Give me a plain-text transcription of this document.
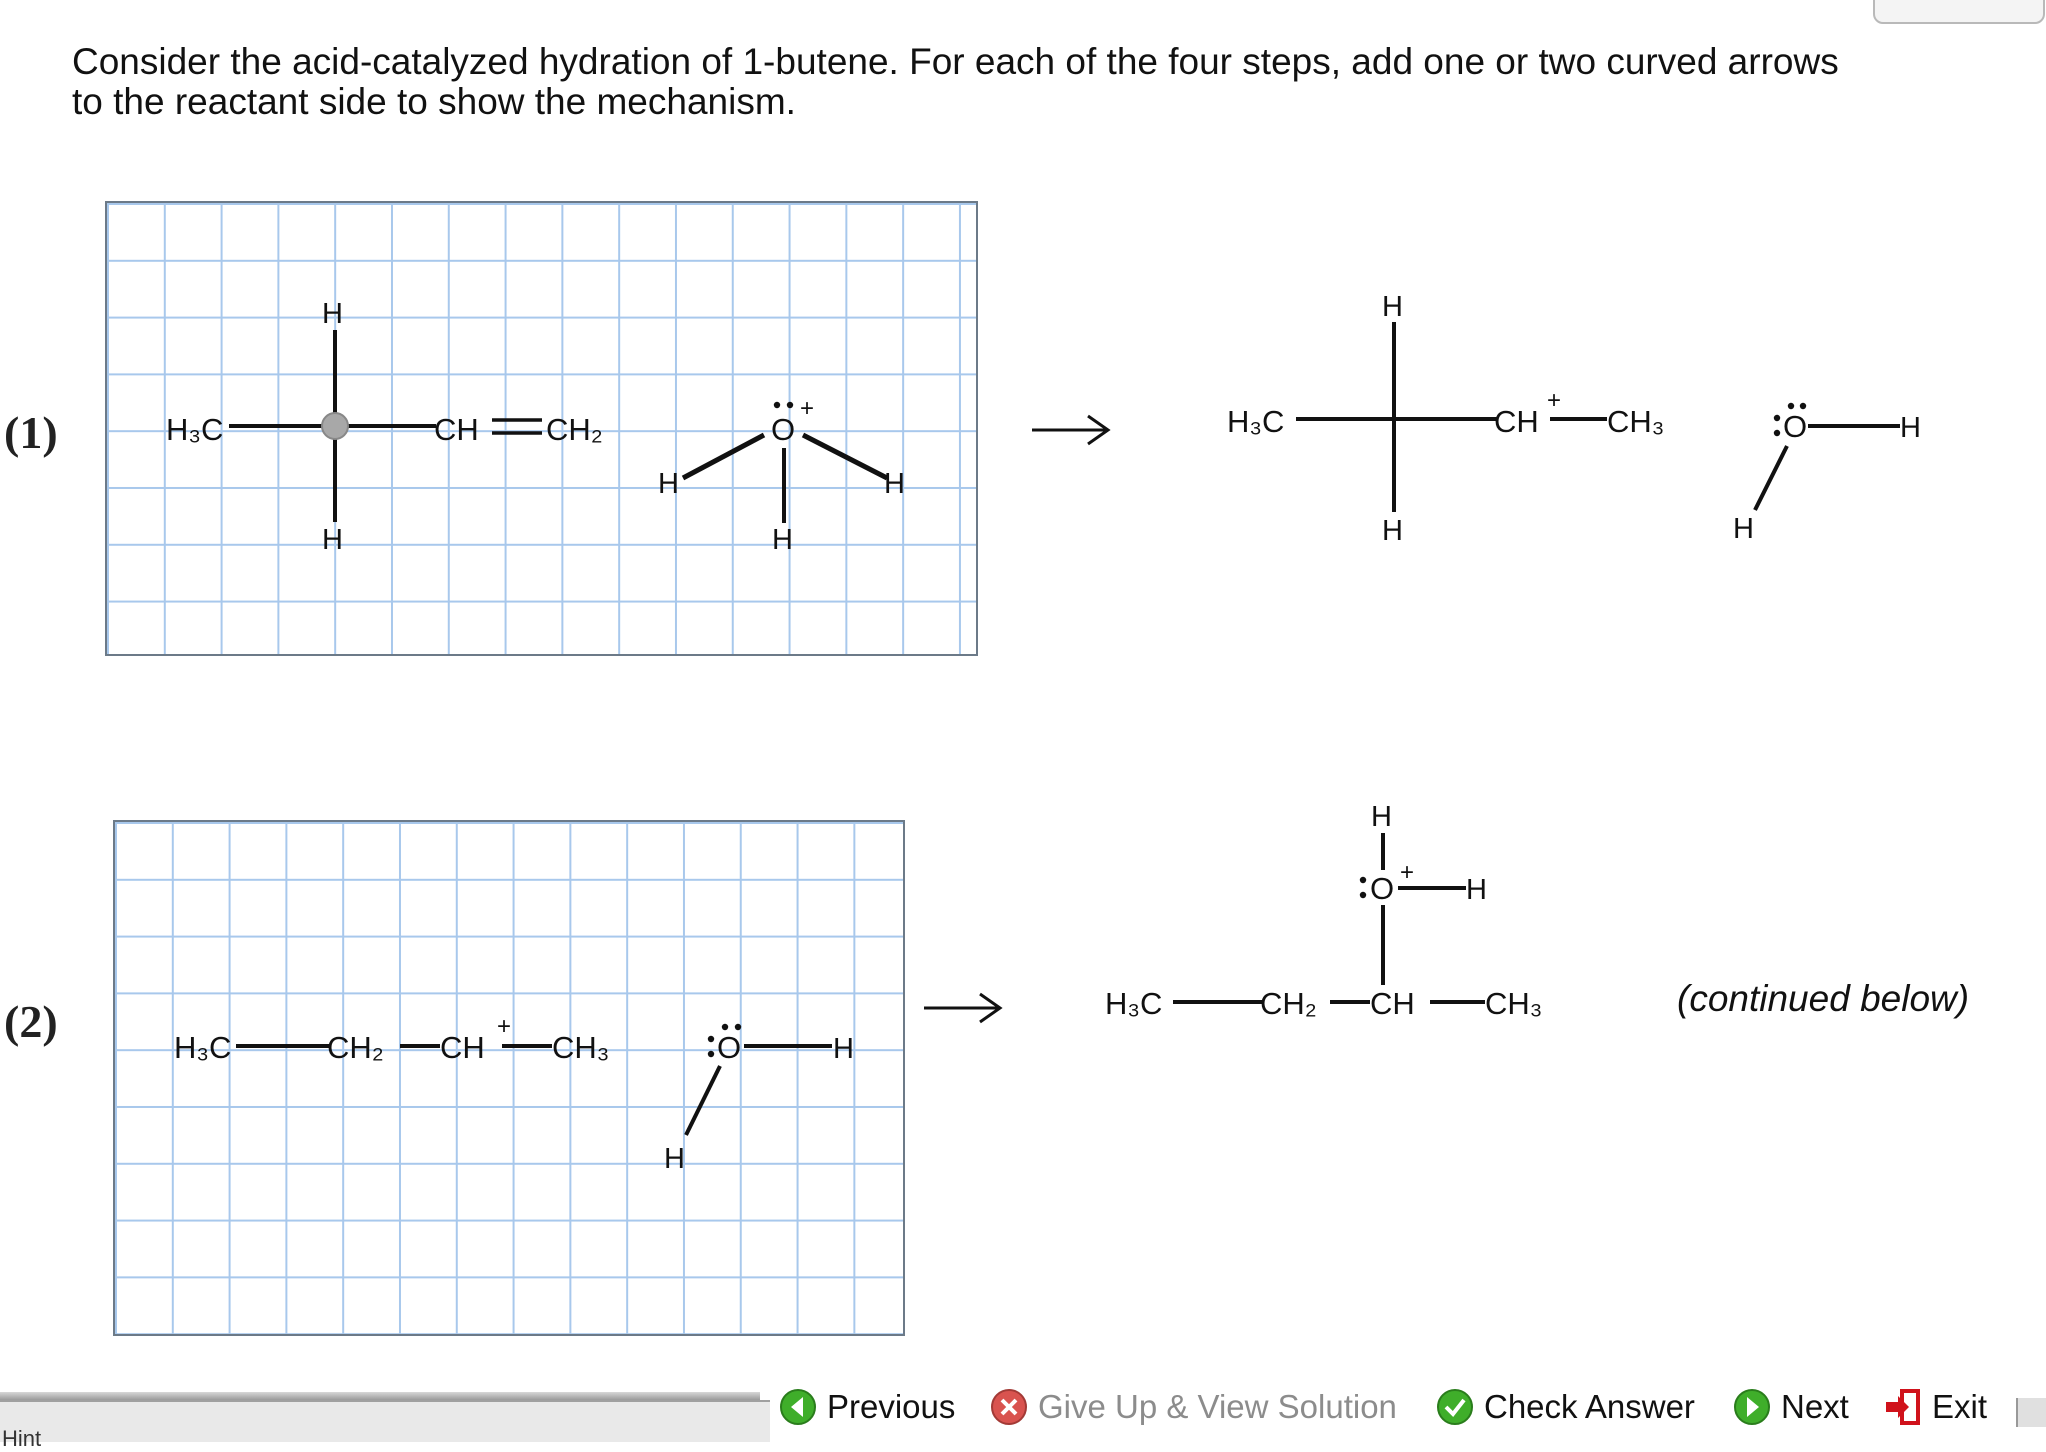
Consider the acid-catalyzed hydration of 1-butene. For each of the four steps, add one or two curved arrows
to the reactant side to show the mechanism.
(1)	H₃C
H
H
CH CH₂	O
+
H	H
H
H₃C
H
H
CH
+
CH₃	O	H
H
(2)
H₃C	CH₂ CH
+
CH₃	O	H
H
H₃C	CH₂ CH CH₃
H
O +
H
(continued below)
Hint
Previous	Give Up & View Solution	Check Answer	Next	Exit
